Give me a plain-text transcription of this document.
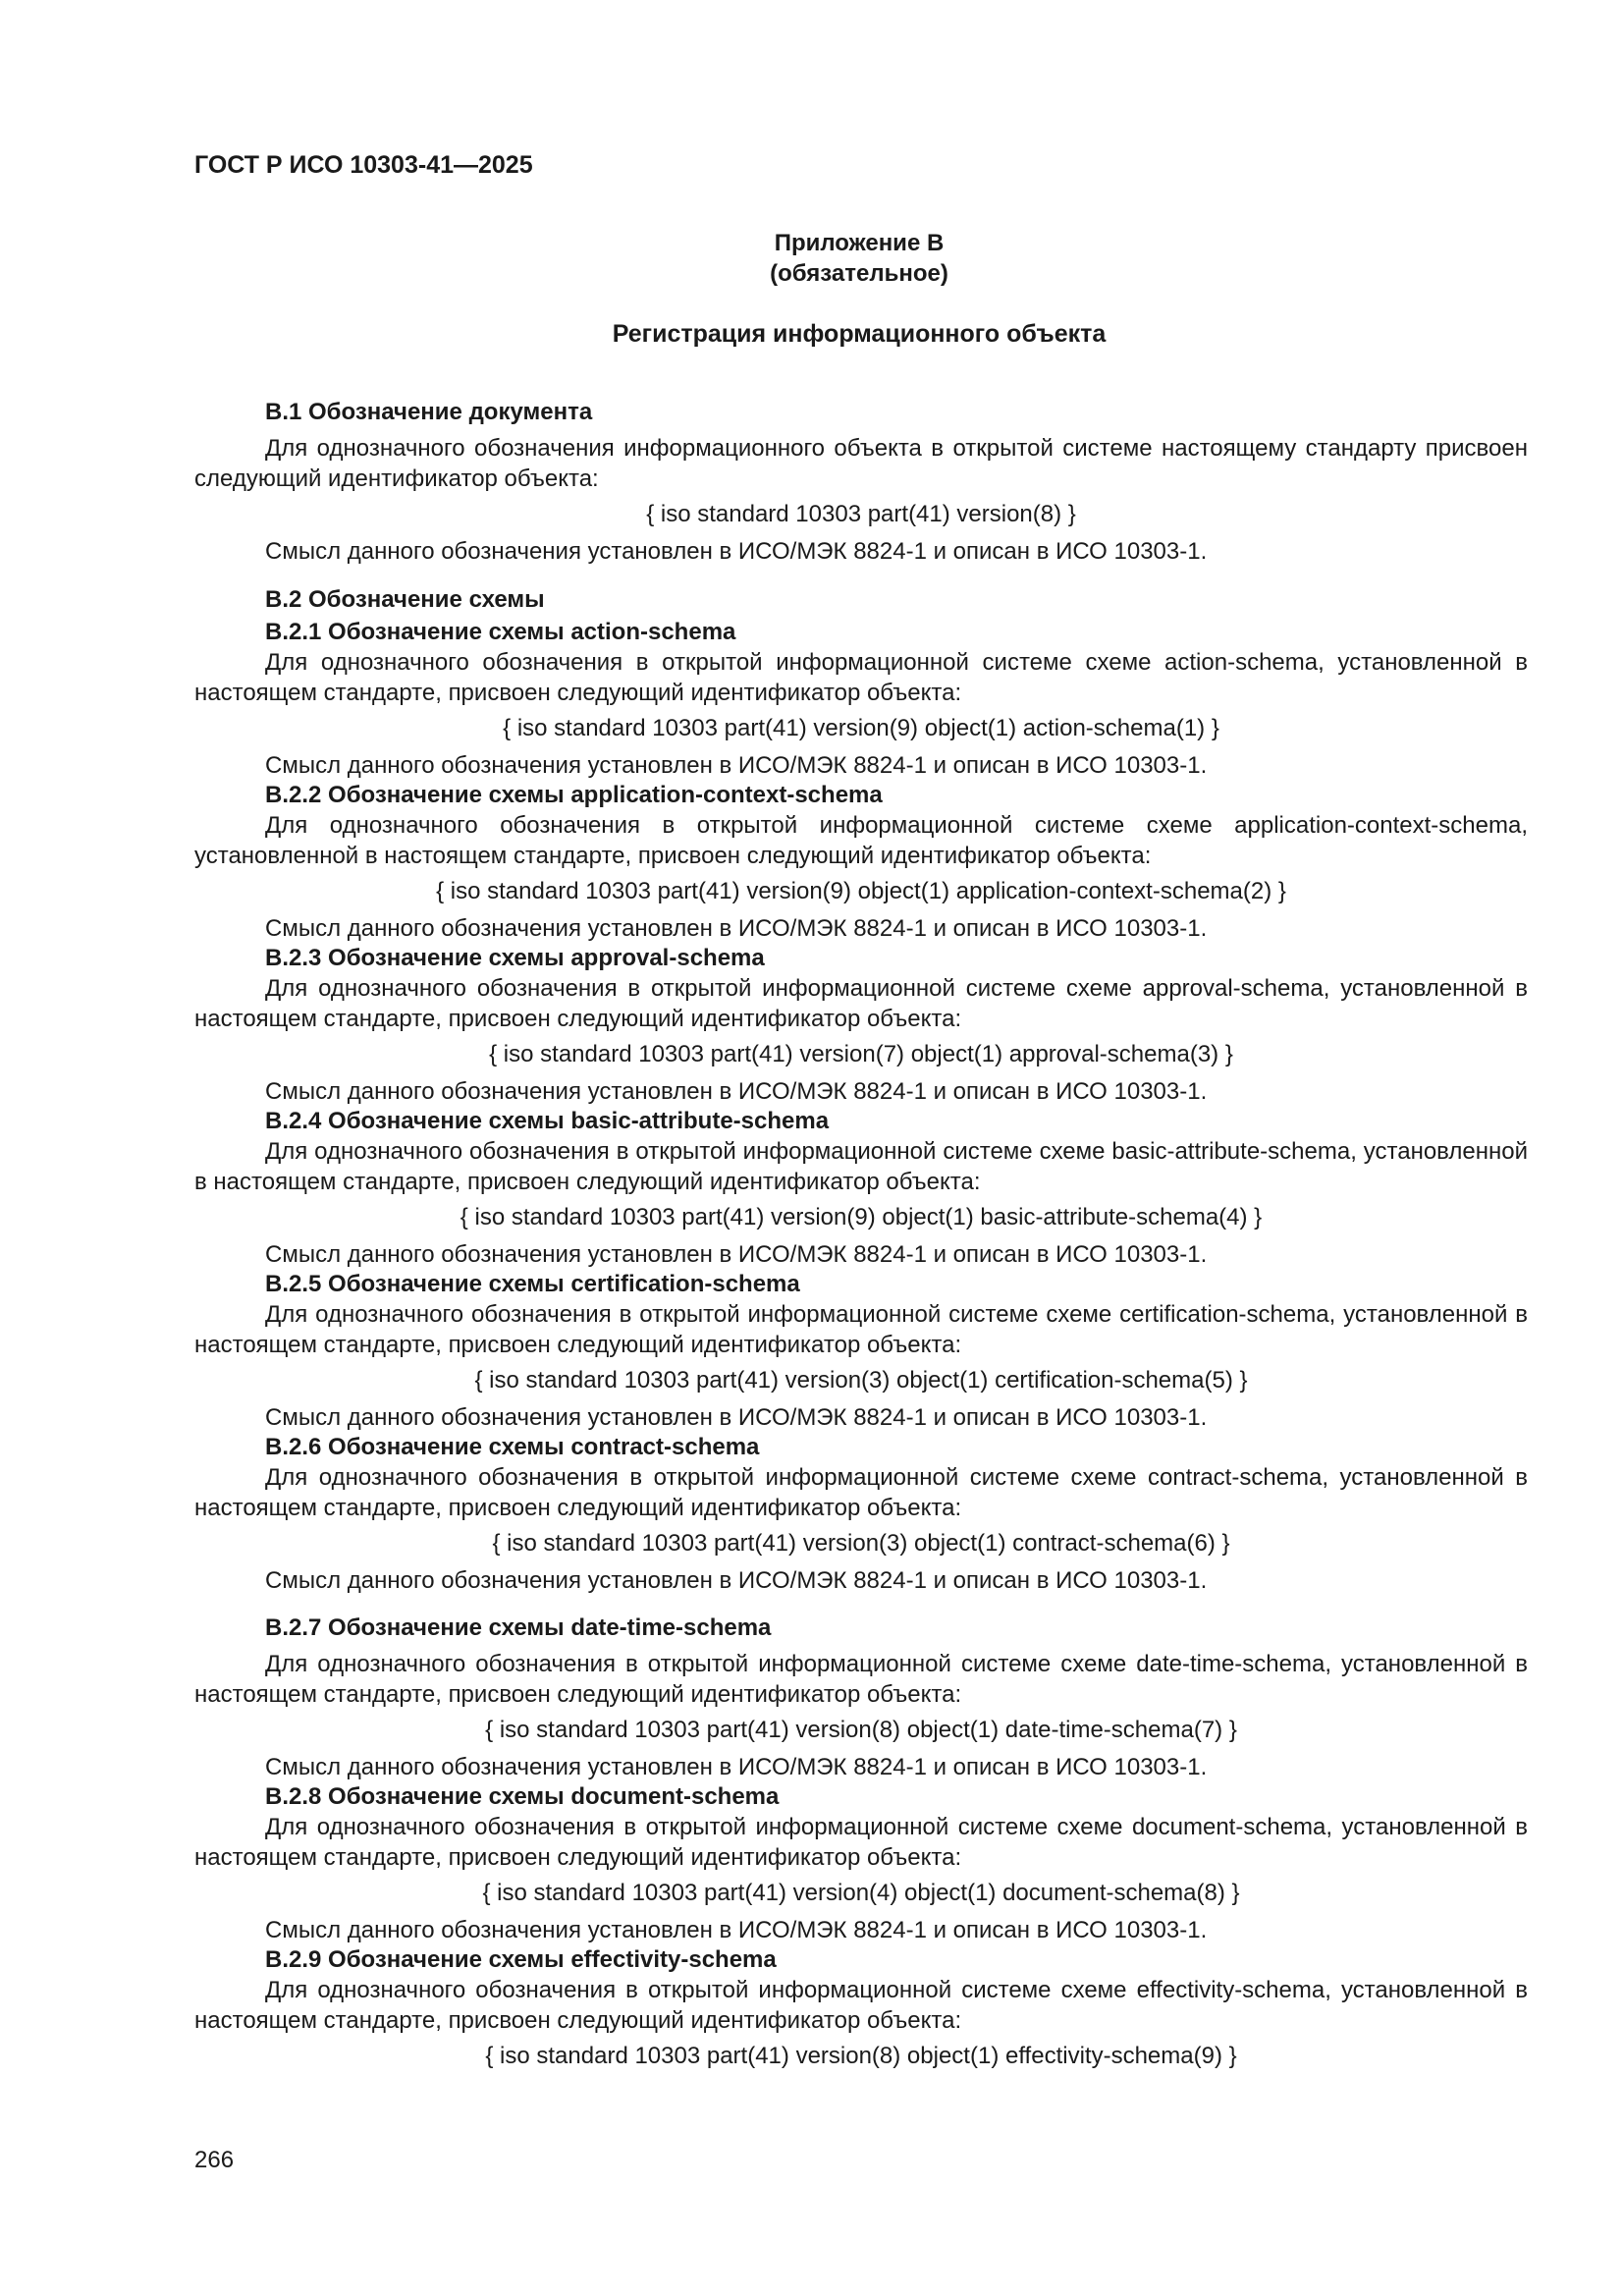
ГОСТ Р ИСО 10303-41—2025
Приложение В
(обязательное)
Регистрация информационного объекта
В.1 Обозначение документа
Для однозначного обозначения информационного объекта в открытой системе настоящему стандарту присвоен следующий идентификатор объекта:
{ iso standard 10303 part(41) version(8) }
Смысл данного обозначения установлен в ИСО/МЭК 8824-1 и описан в ИСО 10303-1.
В.2 Обозначение схемы
В.2.1 Обозначение схемы action-schema
Для однозначного обозначения в открытой информационной системе схеме action-schema, установленной в настоящем стандарте, присвоен следующий идентификатор объекта:
{ iso standard 10303 part(41) version(9) object(1) action-schema(1) }
Смысл данного обозначения установлен в ИСО/МЭК 8824-1 и описан в ИСО 10303-1.
В.2.2 Обозначение схемы application-context-schema
Для однозначного обозначения в открытой информационной системе схеме application-context-schema, установленной в настоящем стандарте, присвоен следующий идентификатор объекта:
{ iso standard 10303 part(41) version(9) object(1) application-context-schema(2) }
Смысл данного обозначения установлен в ИСО/МЭК 8824-1 и описан в ИСО 10303-1.
В.2.3 Обозначение схемы approval-schema
Для однозначного обозначения в открытой информационной системе схеме approval-schema, установленной в настоящем стандарте, присвоен следующий идентификатор объекта:
{ iso standard 10303 part(41) version(7) object(1) approval-schema(3) }
Смысл данного обозначения установлен в ИСО/МЭК 8824-1 и описан в ИСО 10303-1.
В.2.4 Обозначение схемы basic-attribute-schema
Для однозначного обозначения в открытой информационной системе схеме basic-attribute-schema, установленной в настоящем стандарте, присвоен следующий идентификатор объекта:
{ iso standard 10303 part(41) version(9) object(1) basic-attribute-schema(4) }
Смысл данного обозначения установлен в ИСО/МЭК 8824-1 и описан в ИСО 10303-1.
В.2.5 Обозначение схемы certification-schema
Для однозначного обозначения в открытой информационной системе схеме certification-schema, установленной в настоящем стандарте, присвоен следующий идентификатор объекта:
{ iso standard 10303 part(41) version(3) object(1) certification-schema(5) }
Смысл данного обозначения установлен в ИСО/МЭК 8824-1 и описан в ИСО 10303-1.
В.2.6 Обозначение схемы contract-schema
Для однозначного обозначения в открытой информационной системе схеме contract-schema, установленной в настоящем стандарте, присвоен следующий идентификатор объекта:
{ iso standard 10303 part(41) version(3) object(1) contract-schema(6) }
Смысл данного обозначения установлен в ИСО/МЭК 8824-1 и описан в ИСО 10303-1.
В.2.7 Обозначение схемы date-time-schema
Для однозначного обозначения в открытой информационной системе схеме date-time-schema, установленной в настоящем стандарте, присвоен следующий идентификатор объекта:
{ iso standard 10303 part(41) version(8) object(1) date-time-schema(7) }
Смысл данного обозначения установлен в ИСО/МЭК 8824-1 и описан в ИСО 10303-1.
В.2.8 Обозначение схемы document-schema
Для однозначного обозначения в открытой информационной системе схеме document-schema, установленной в настоящем стандарте, присвоен следующий идентификатор объекта:
{ iso standard 10303 part(41) version(4) object(1) document-schema(8) }
Смысл данного обозначения установлен в ИСО/МЭК 8824-1 и описан в ИСО 10303-1.
В.2.9 Обозначение схемы effectivity-schema
Для однозначного обозначения в открытой информационной системе схеме effectivity-schema, установленной в настоящем стандарте, присвоен следующий идентификатор объекта:
{ iso standard 10303 part(41) version(8) object(1) effectivity-schema(9) }
266
